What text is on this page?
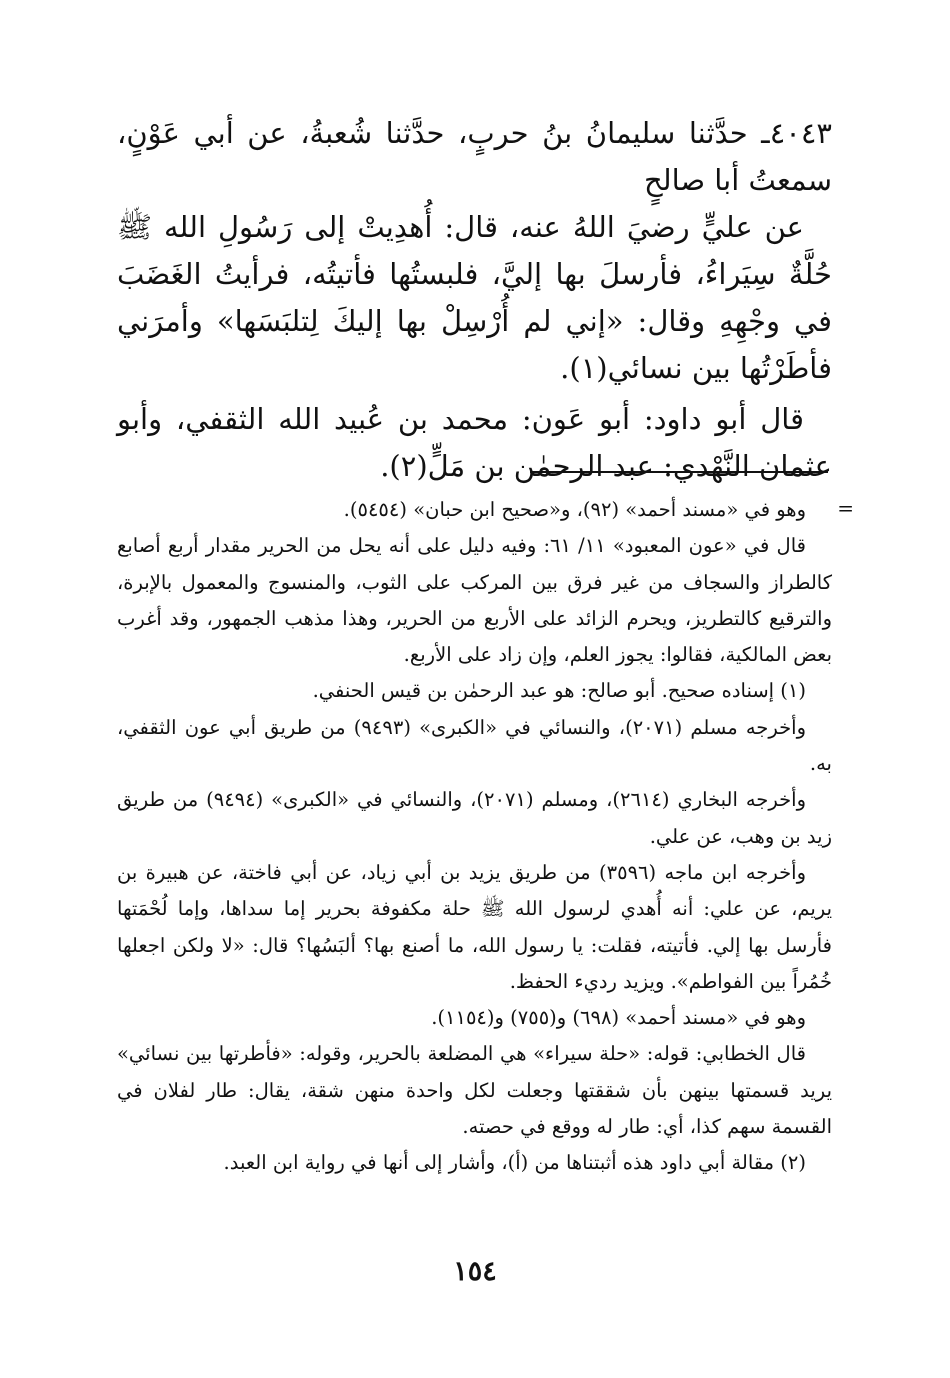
٤٠٤٣ـ حدَّثنا سليمانُ بنُ حربٍ، حدَّثنا شُعبةُ، عن أبي عَوْنٍ، سمعتُ أبا صالحٍ

عن عليٍّ رضيَ اللهُ عنه، قال: أُهدِيتْ إلى رَسُولِ الله ﷺ حُلَّةٌ سِيَراءُ، فأرسلَ بها إليَّ، فلبستُها فأتيتُه، فرأيتُ الغَضَبَ في وجْهِهِ وقال: «إني لم أُرْسِلْ بها إليكَ لِتلبَسَها» وأمرَني فأطَرْتُها بين نسائي(١).

قال أبو داود: أبو عَون: محمد بن عُبيد الله الثقفي، وأبو عثمان النَّهْدي: عبد الرحمٰن بن مَلٍّ(٢).

=

وهو في «مسند أحمد» (٩٢)، و«صحيح ابن حبان» (٥٤٥٤).

قال في «عون المعبود» ١١/ ٦١: وفيه دليل على أنه يحل من الحرير مقدار أربع أصابع كالطراز والسجاف من غير فرق بين المركب على الثوب، والمنسوج والمعمول بالإبرة، والترقيع كالتطريز، ويحرم الزائد على الأربع من الحرير، وهذا مذهب الجمهور، وقد أغرب بعض المالكية، فقالوا: يجوز العلم، وإن زاد على الأربع.

(١) إسناده صحيح. أبو صالح: هو عبد الرحمٰن بن قيس الحنفي.

وأخرجه مسلم (٢٠٧١)، والنسائي في «الكبرى» (٩٤٩٣) من طريق أبي عون الثقفي، به.

وأخرجه البخاري (٢٦١٤)، ومسلم (٢٠٧١)، والنسائي في «الكبرى» (٩٤٩٤) من طريق زيد بن وهب، عن علي.

وأخرجه ابن ماجه (٣٥٩٦) من طريق يزيد بن أبي زياد، عن أبي فاختة، عن هبيرة بن يريم، عن علي: أنه أُهدي لرسول الله ﷺ حلة مكفوفة بحرير إما سداها، وإما لُحْمَتها فأرسل بها إلي. فأتيته، فقلت: يا رسول الله، ما أصنع بها؟ ألبَسُها؟ قال: «لا ولكن اجعلها خُمُراً بين الفواطم». ويزيد رديء الحفظ.

وهو في «مسند أحمد» (٦٩٨) و(٧٥٥) و(١١٥٤).

قال الخطابي: قوله: «حلة سيراء» هي المضلعة بالحرير، وقوله: «فأطرتها بين نسائي» يريد قسمتها بينهن بأن شققتها وجعلت لكل واحدة منهن شقة، يقال: طار لفلان في القسمة سهم كذا، أي: طار له ووقع في حصته.

(٢) مقالة أبي داود هذه أثبتناها من (أ)، وأشار إلى أنها في رواية ابن العبد.

١٥٤
